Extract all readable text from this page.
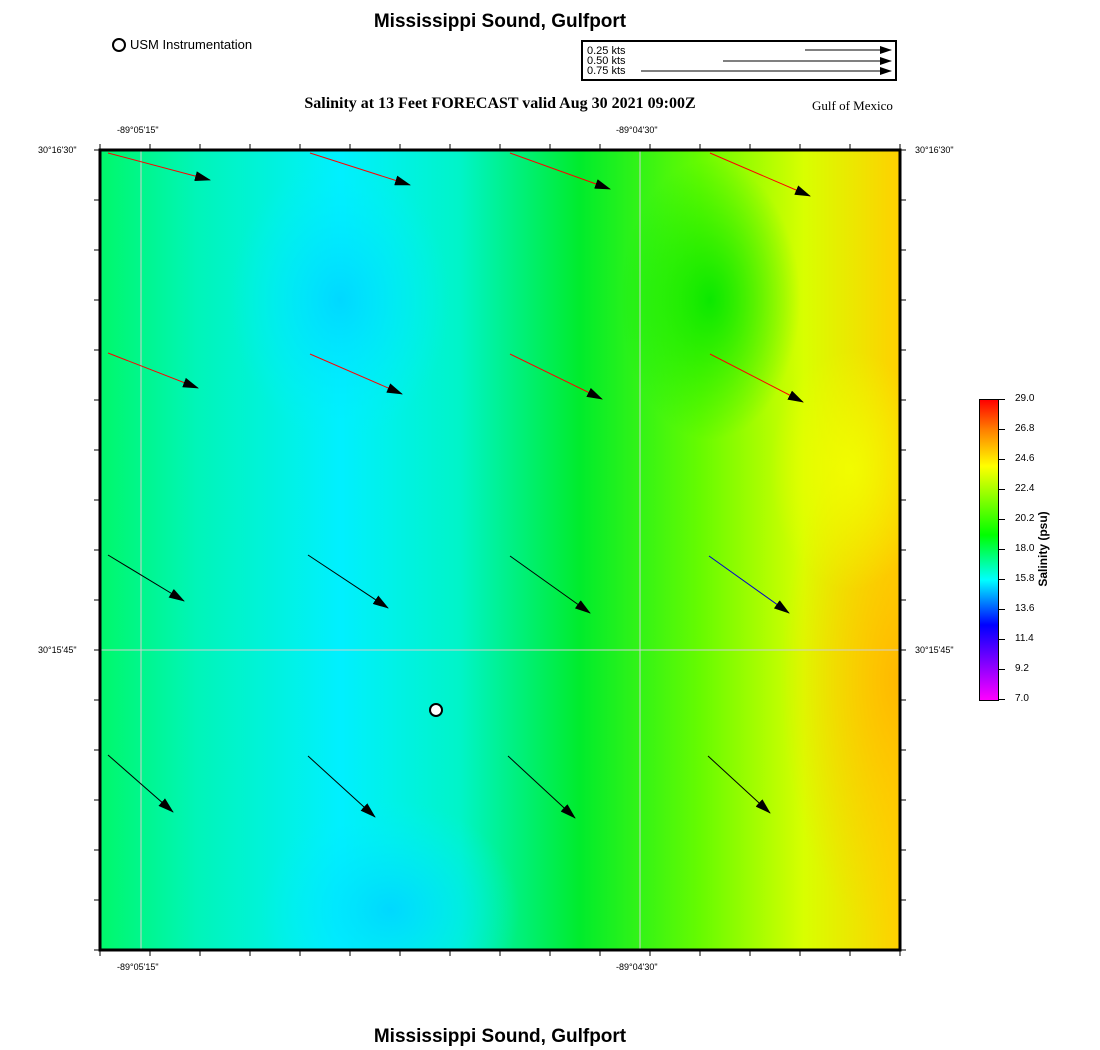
Mississippi Sound, Gulfport
USM Instrumentation	0.25 kts
0.50 kts
0.75 kts
Salinity at 13 Feet FORECAST valid Aug 30 2021 09:00Z	Gulf of Mexico
-89°05'15"	-89°04'30"
-89°05'15"	-89°04'30"
30°16'30"
30°15'45"
30°16'30"
30°15'45"
29.0
26.8
24.6
22.4
20.2
18.0
15.8
13.6
11.4
9.2
7.0
Salinity (psu)
Mississippi Sound, Gulfport
